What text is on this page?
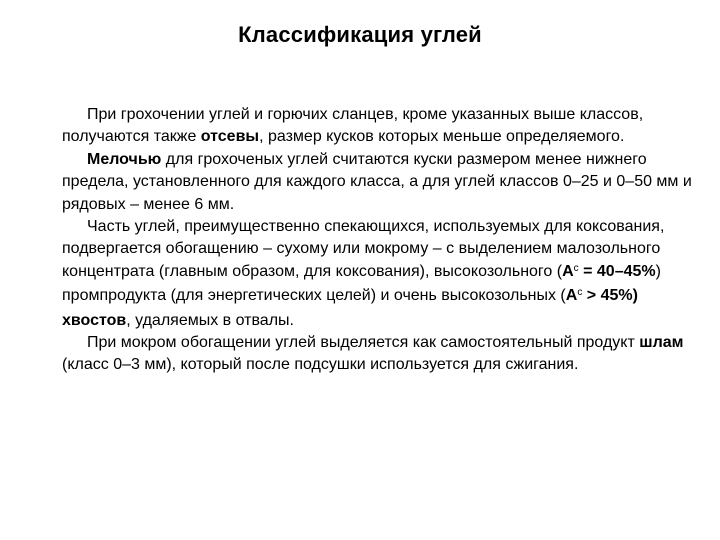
Классификация углей

При грохочении углей и горючих сланцев, кроме указанных выше классов, получаются также отсевы, размер кусков которых меньше определяемого.

Мелочью для грохоченых углей считаются куски размером менее нижнего предела, установленного для каждого класса, а для углей классов 0–25 и 0–50 мм и рядовых – менее 6 мм.

Часть углей, преимущественно спекающихся, используемых для коксования, подвергается обогащению – сухому или мокрому – с выделением малозольного концентрата (главным образом, для коксования), высокозольного $(A^c = 40-45\%)$ промпродукта (для энергетических целей) и очень высокозольных $(A^c > 45\%)$ хвостов, удаляемых в отвалы.

При мокром обогащении углей выделяется как самостоятельный продукт шлам (класс 0–3 мм), который после подсушки используется для сжигания.
